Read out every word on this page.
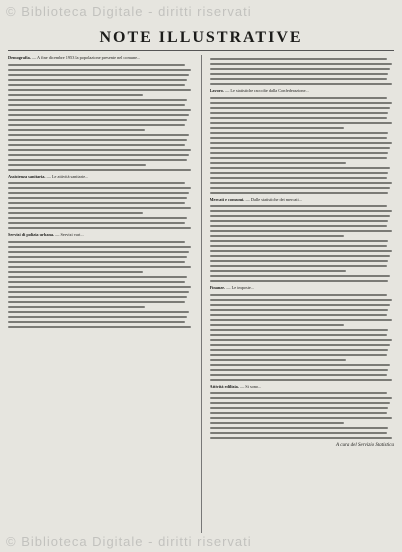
© Biblioteca Digitale - diritti riservati
NOTE ILLUSTRATIVE
Demografia. — A fine dicembre 1953 la popolazione presente nel comune...
Assistenza sanitaria. — Le attività sanitarie...
Servizi di polizia urbana. — Servizi vari...
Lavoro. — Le statistiche raccolte dalla Confederazione...
Mercati e consumi. — Dalle statistiche dei mercati...
Finanze. — Le imposte...
Attività edilizia. — Si sono...
A cura del Servizio Statistica
© Biblioteca Digitale - diritti riservati
